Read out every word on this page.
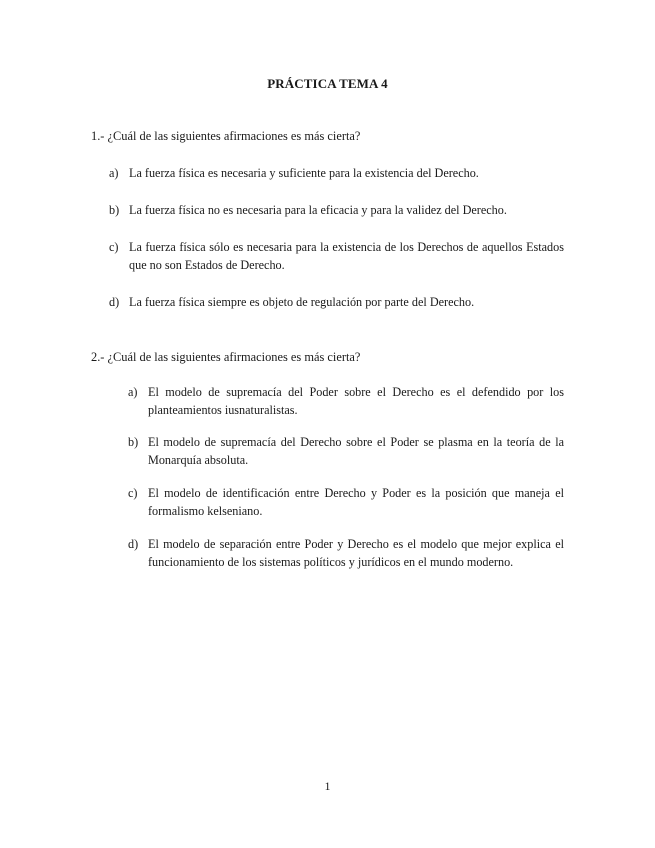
PRÁCTICA TEMA 4
1.- ¿Cuál de las siguientes afirmaciones es más cierta?
a) La fuerza física es necesaria y suficiente para la existencia del Derecho.
b) La fuerza física no es necesaria para la eficacia y para la validez del Derecho.
c) La fuerza física sólo es necesaria para la existencia de los Derechos de aquellos Estados que no son Estados de Derecho.
d) La fuerza física siempre es objeto de regulación por parte del Derecho.
2.- ¿Cuál de las siguientes afirmaciones es más cierta?
a) El modelo de supremacía del Poder sobre el Derecho es el defendido por los planteamientos iusnaturalistas.
b) El modelo de supremacía del Derecho sobre el Poder se plasma en la teoría de la Monarquía absoluta.
c) El modelo de identificación entre Derecho y Poder es la posición que maneja el formalismo kelseniano.
d) El modelo de separación entre Poder y Derecho es el modelo que mejor explica el funcionamiento de los sistemas políticos y jurídicos en el mundo moderno.
1
